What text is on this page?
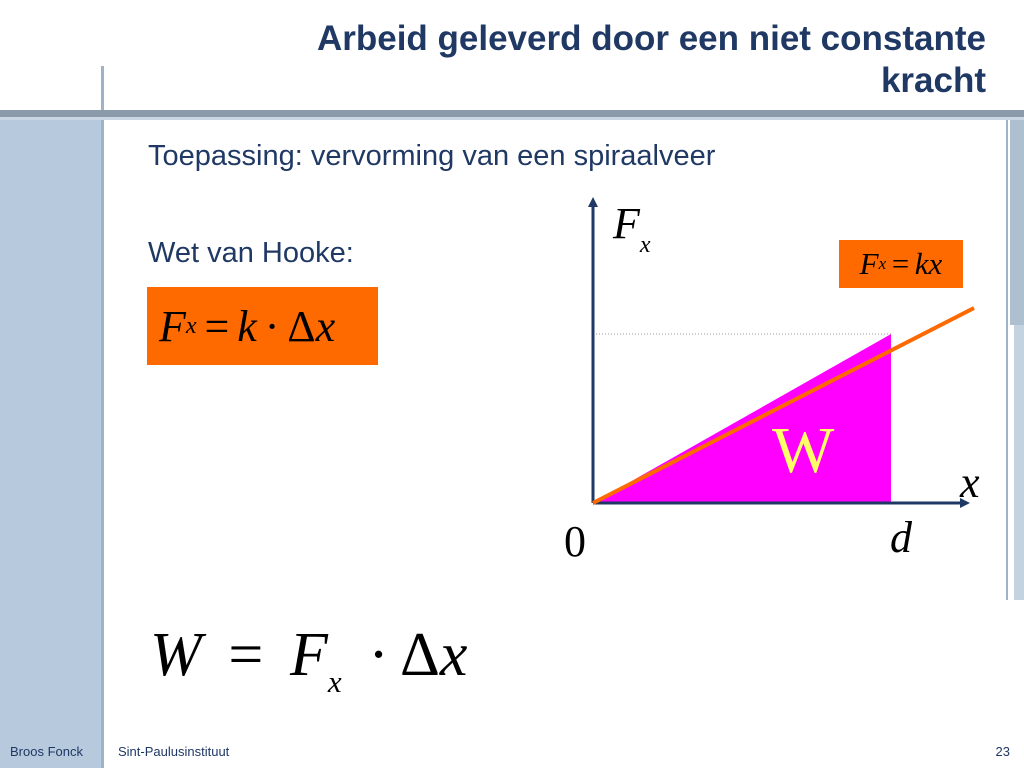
Arbeid geleverd door een niet constante
kracht
Toepassing: vervorming van een spiraalveer
Wet van Hooke:
F x = k · Δ x
$F_x$
x
0	d
W
F x = kx
$W = F_x \cdot \Delta x$
Broos Fonck	Sint-Paulusinstituut	23
